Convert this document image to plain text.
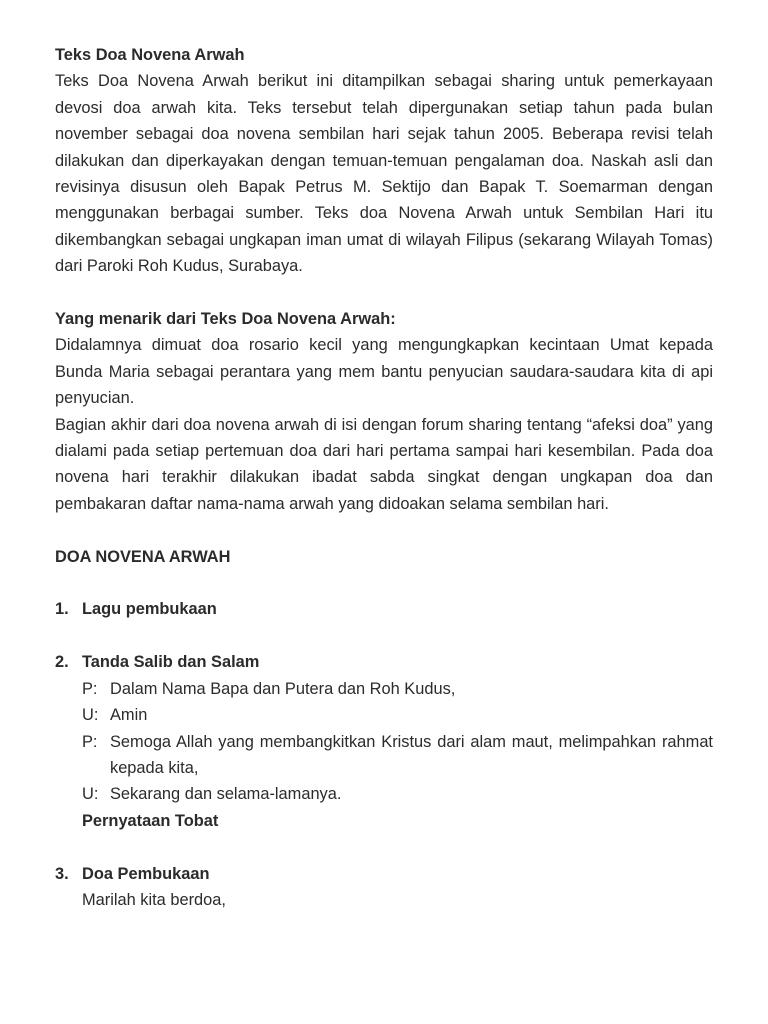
Teks Doa Novena Arwah

Teks Doa Novena Arwah berikut ini ditampilkan sebagai sharing untuk pemerkayaan devosi doa arwah kita. Teks tersebut telah dipergunakan setiap tahun pada bulan november sebagai doa novena sembilan hari sejak tahun 2005. Beberapa revisi telah dilakukan dan diperkayakan dengan temuan-temuan pengalaman doa. Naskah asli dan revisinya disusun oleh Bapak Petrus M. Sektijo dan Bapak T. Soemarman dengan menggunakan berbagai sumber. Teks doa Novena Arwah untuk Sembilan Hari itu dikembangkan sebagai ungkapan iman umat di wilayah Filipus (sekarang Wilayah Tomas) dari Paroki Roh Kudus, Surabaya.

Yang menarik dari Teks Doa Novena Arwah:

Didalamnya dimuat doa rosario kecil yang mengungkapkan kecintaan Umat kepada Bunda Maria sebagai perantara yang mem bantu penyucian saudara-saudara kita di api penyucian.

Bagian akhir dari doa novena arwah di isi dengan forum sharing tentang “afeksi doa” yang dialami pada setiap pertemuan doa dari hari pertama sampai hari kesembilan. Pada doa novena hari terakhir dilakukan ibadat sabda singkat dengan ungkapan doa dan pembakaran daftar nama-nama arwah yang didoakan selama sembilan hari.

DOA NOVENA ARWAH

1. Lagu pembukaan
2. Tanda Salib dan Salam
P: Dalam Nama Bapa dan Putera dan Roh Kudus,
U: Amin
P: Semoga Allah yang membangkitkan Kristus dari alam maut, melimpahkan rahmat kepada kita,
U: Sekarang dan selama-lamanya.
Pernyataan Tobat
3. Doa Pembukaan
Marilah kita berdoa,
